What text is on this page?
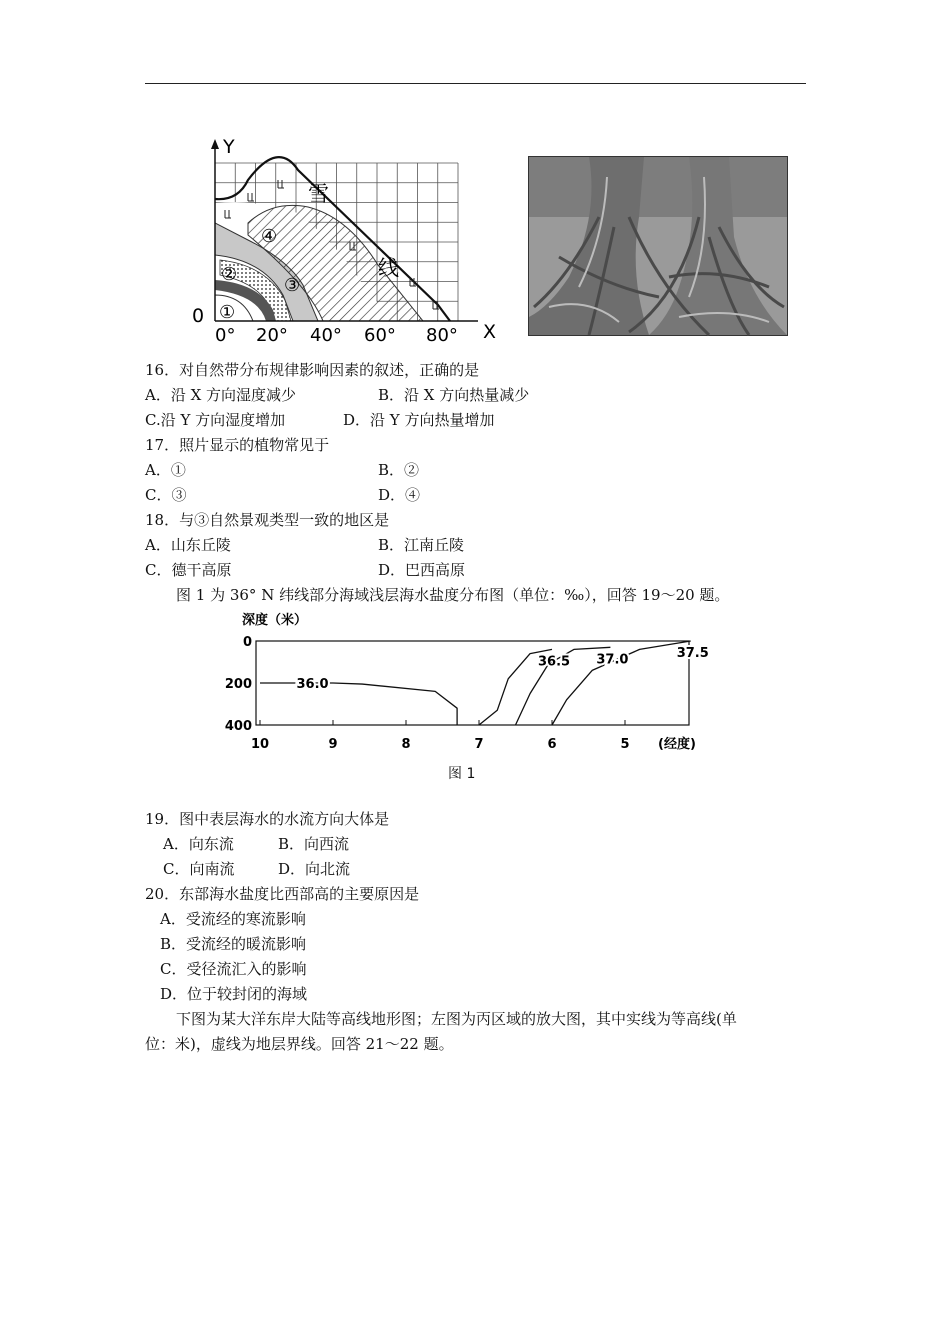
Y
X
0
0° 20° 40° 60° 80°
雪
线
①
②
③
④
16．对自然带分布规律影响因素的叙述，正确的是
A．沿 X 方向湿度减少	B．沿 X 方向热量减少
C.沿 Y 方向湿度增加	D．沿 Y 方向热量增加
17．照片显示的植物常见于
A．①	B．②
C．③	D．④
18．与③自然景观类型一致的地区是
A．山东丘陵	B．江南丘陵
C．德干高原	D．巴西高原
图 1 为 36° N 纬线部分海域浅层海水盐度分布图（单位：‰），回答 19～20 题。
深度（米）
36.0
36.5 37.0	37.5
0
200
400
10	9	8	7	6	5 (经度)
图 1
19．图中表层海水的水流方向大体是
A．向东流	B．向西流
C．向南流	D．向北流
20．东部海水盐度比西部高的主要原因是
A．受流经的寒流影响
B．受流经的暖流影响
C．受径流汇入的影响
D．位于较封闭的海域
下图为某大洋东岸大陆等高线地形图；左图为丙区域的放大图，其中实线为等高线(单
位：米)，虚线为地层界线。回答 21～22 题。
